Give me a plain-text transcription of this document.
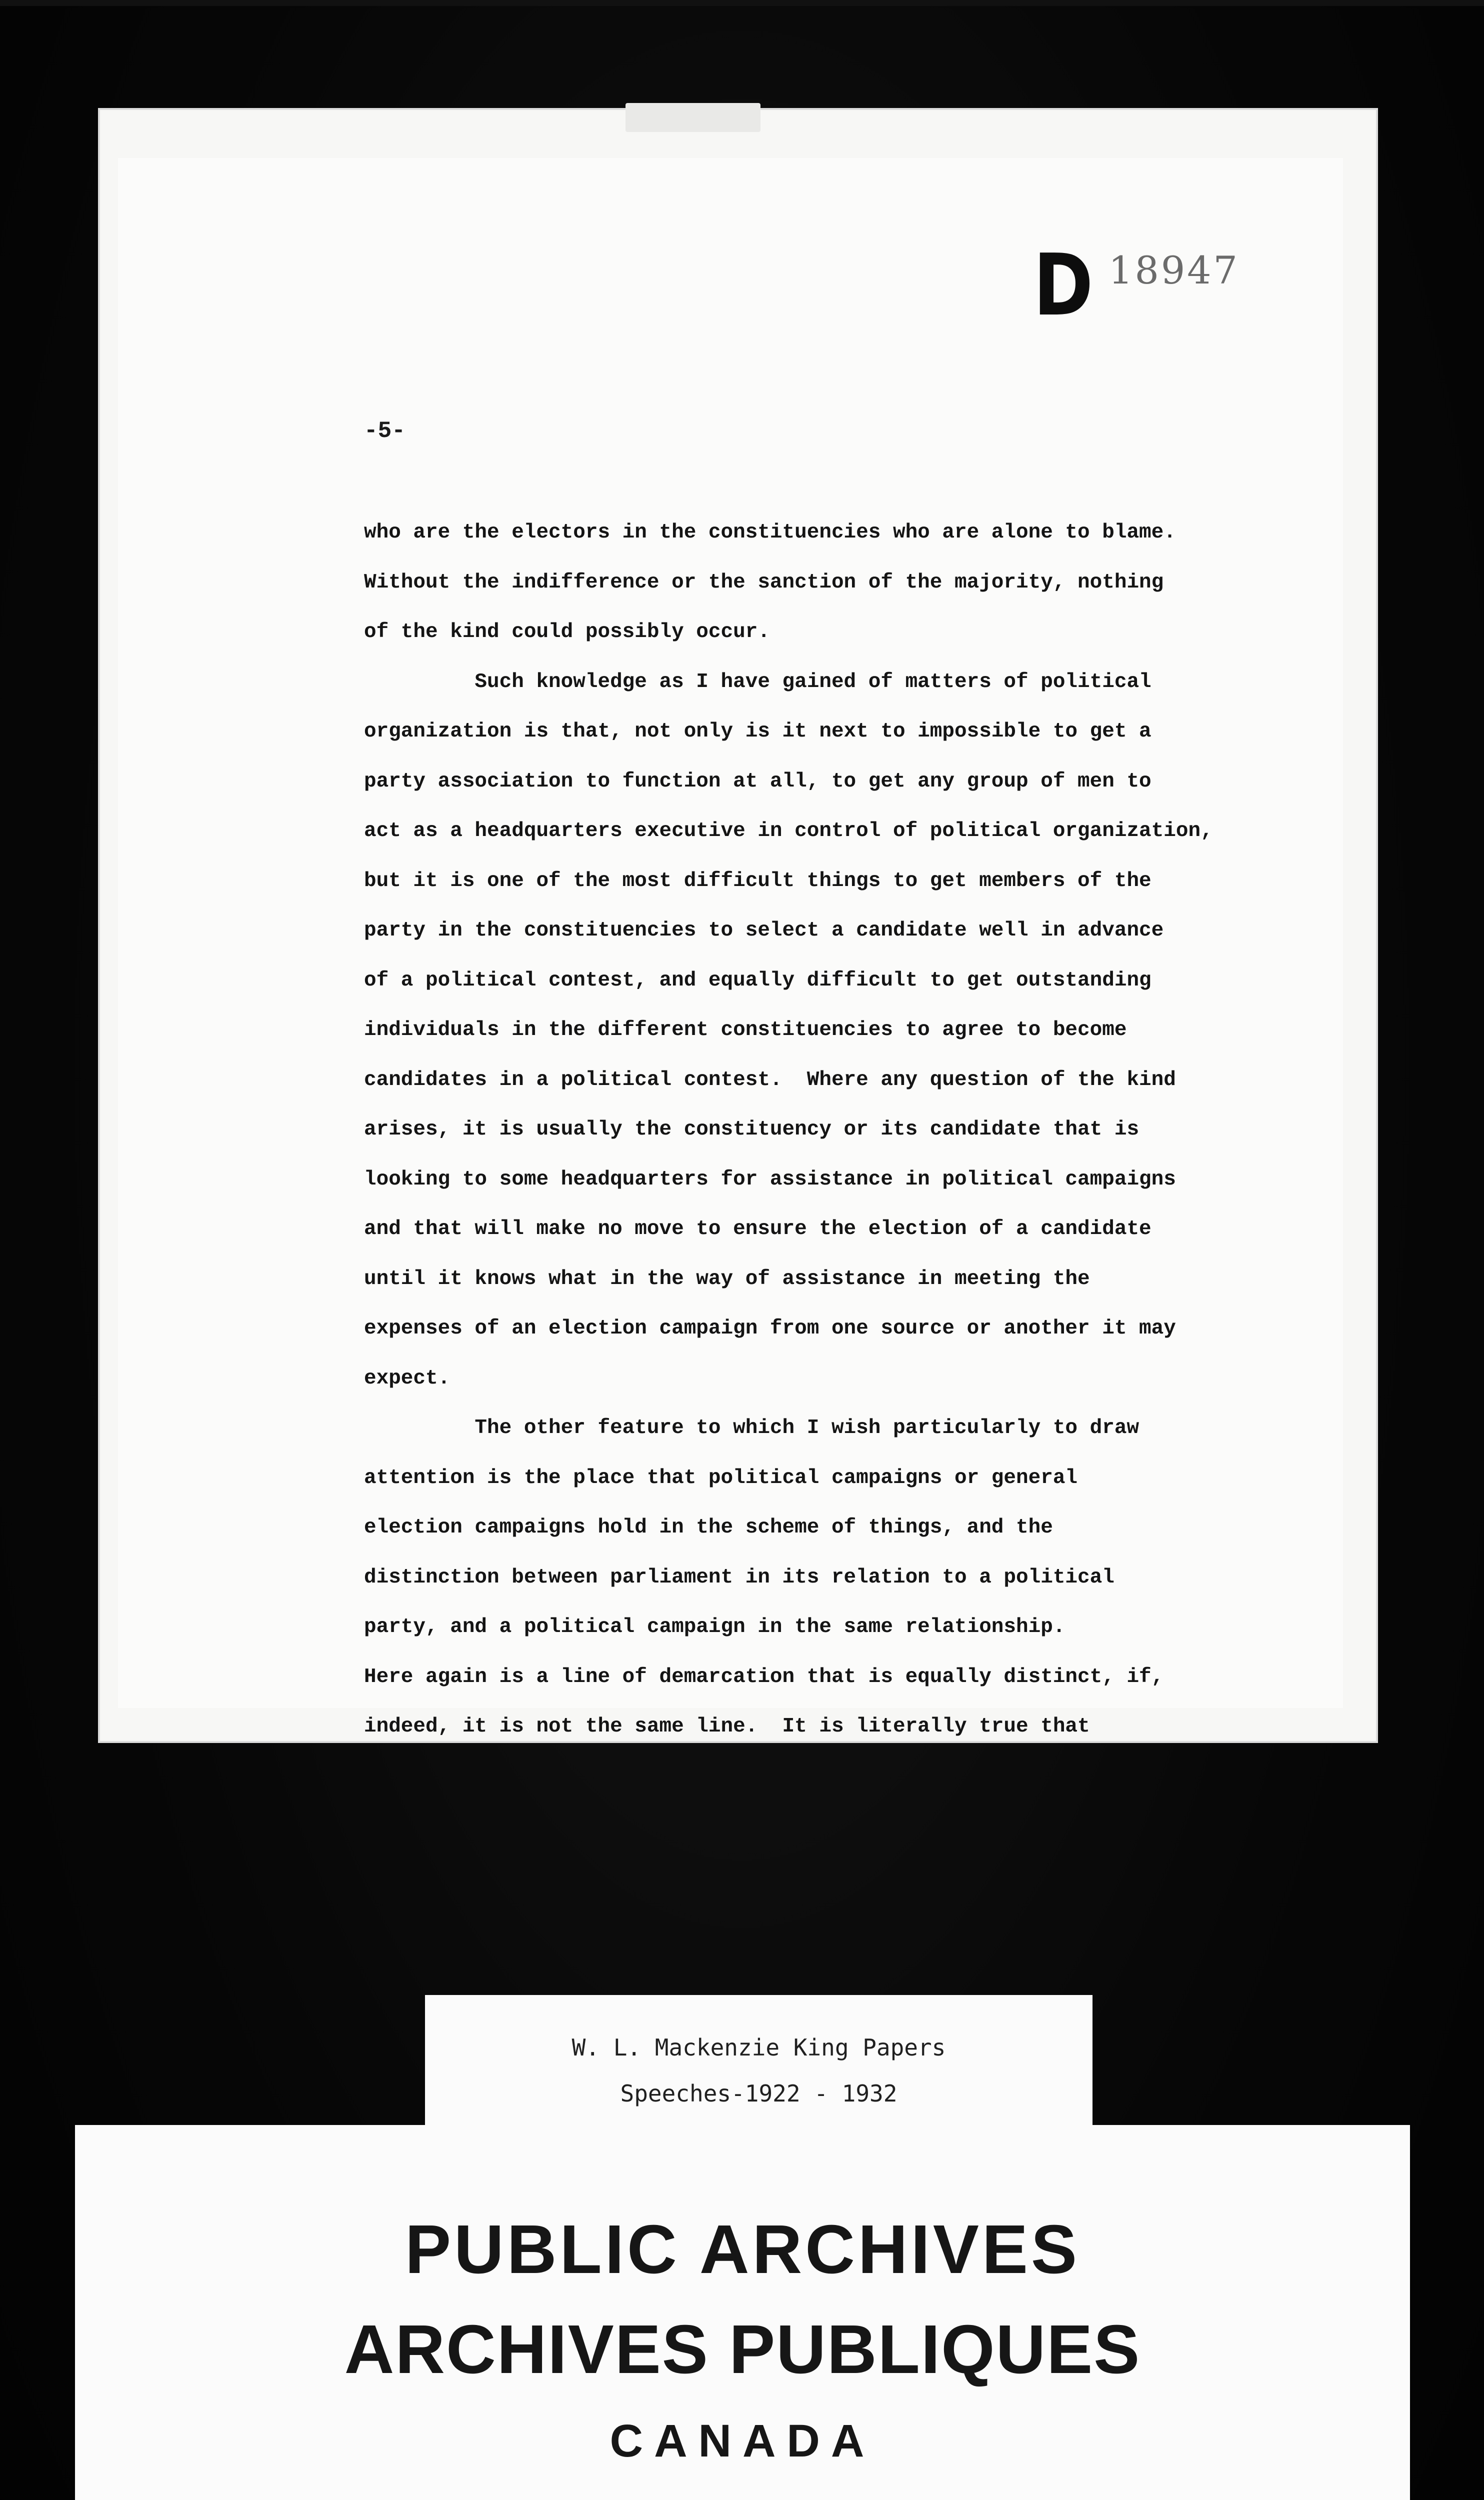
D 18947
-5-
who are the electors in the constituencies who are alone to blame.
Without the indifference or the sanction of the majority, nothing
of the kind could possibly occur.
Such knowledge as I have gained of matters of political
organization is that, not only is it next to impossible to get a
party association to function at all, to get any group of men to
act as a headquarters executive in control of political organization,
but it is one of the most difficult things to get members of the
party in the constituencies to select a candidate well in advance
of a political contest, and equally difficult to get outstanding
individuals in the different constituencies to agree to become
candidates in a political contest.  Where any question of the kind
arises, it is usually the constituency or its candidate that is
looking to some headquarters for assistance in political campaigns
and that will make no move to ensure the election of a candidate
until it knows what in the way of assistance in meeting the
expenses of an election campaign from one source or another it may
expect.
The other feature to which I wish particularly to draw
attention is the place that political campaigns or general
election campaigns hold in the scheme of things, and the
distinction between parliament in its relation to a political
party, and a political campaign in the same relationship.
Here again is a line of demarcation that is equally distinct, if,
indeed, it is not the same line.  It is literally true that
W. L. Mackenzie King Papers
Speeches-1922 - 1932
PUBLIC ARCHIVES
ARCHIVES PUBLIQUES
CANADA
